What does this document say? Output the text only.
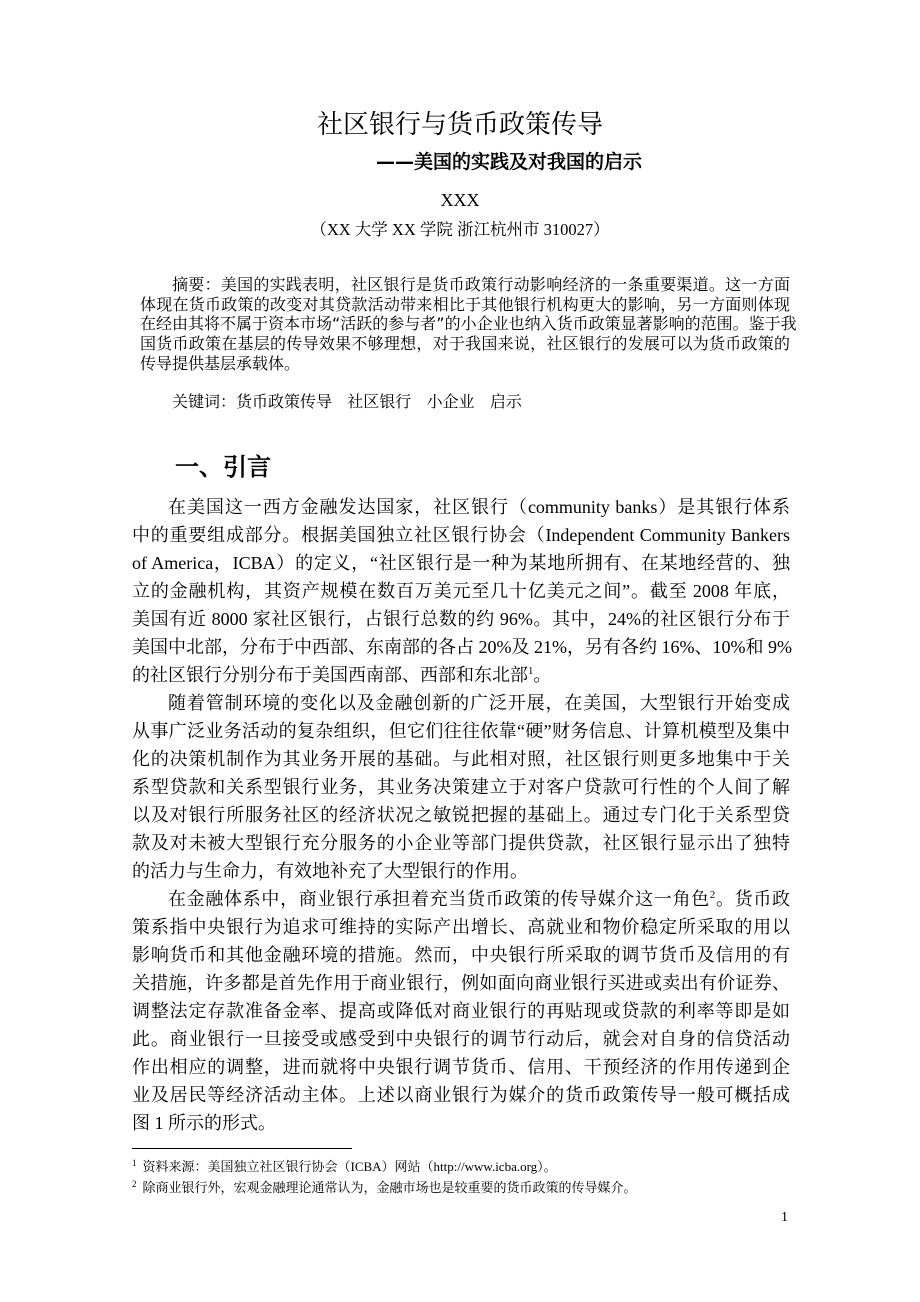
社区银行与货币政策传导
——美国的实践及对我国的启示
XXX
（XX 大学 XX 学院 浙江杭州市 310027）
摘要：美国的实践表明，社区银行是货币政策行动影响经济的一条重要渠道。这一方面
体现在货币政策的改变对其贷款活动带来相比于其他银行机构更大的影响，另一方面则体现
在经由其将不属于资本市场“活跃的参与者”的小企业也纳入货币政策显著影响的范围。鉴于我
国货币政策在基层的传导效果不够理想，对于我国来说，社区银行的发展可以为货币政策的
传导提供基层承载体。
关键词：货币政策传导 社区银行 小企业 启示
一、引言
在美国这一西方金融发达国家，社区银行（community banks）是其银行体系
中的重要组成部分。根据美国独立社区银行协会（Independent Community Bankers
of America，ICBA）的定义，“社区银行是一种为某地所拥有、在某地经营的、独
立的金融机构，其资产规模在数百万美元至几十亿美元之间”。截至 2008 年底，
美国有近 8000 家社区银行，占银行总数的约 96%。其中，24%的社区银行分布于
美国中北部，分布于中西部、东南部的各占 20%及 21%，另有各约 16%、10%和 9%
的社区银行分别分布于美国西南部、西部和东北部$^1$。
随着管制环境的变化以及金融创新的广泛开展，在美国，大型银行开始变成
从事广泛业务活动的复杂组织，但它们往往依靠“硬”财务信息、计算机模型及集中
化的决策机制作为其业务开展的基础。与此相对照，社区银行则更多地集中于关
系型贷款和关系型银行业务，其业务决策建立于对客户贷款可行性的个人间了解
以及对银行所服务社区的经济状况之敏锐把握的基础上。通过专门化于关系型贷
款及对未被大型银行充分服务的小企业等部门提供贷款，社区银行显示出了独特
的活力与生命力，有效地补充了大型银行的作用。
在金融体系中，商业银行承担着充当货币政策的传导媒介这一角色$^2$。货币政
策系指中央银行为追求可维持的实际产出增长、高就业和物价稳定所采取的用以
影响货币和其他金融环境的措施。然而，中央银行所采取的调节货币及信用的有
关措施，许多都是首先作用于商业银行，例如面向商业银行买进或卖出有价证券、
调整法定存款准备金率、提高或降低对商业银行的再贴现或贷款的利率等即是如
此。商业银行一旦接受或感受到中央银行的调节行动后，就会对自身的信贷活动
作出相应的调整，进而就将中央银行调节货币、信用、干预经济的作用传递到企
业及居民等经济活动主体。上述以商业银行为媒介的货币政策传导一般可概括成
图 1 所示的形式。
$^1$ 资料来源：美国独立社区银行协会（ICBA）网站（http://www.icba.org）。
$^2$ 除商业银行外，宏观金融理论通常认为，金融市场也是较重要的货币政策的传导媒介。
1
